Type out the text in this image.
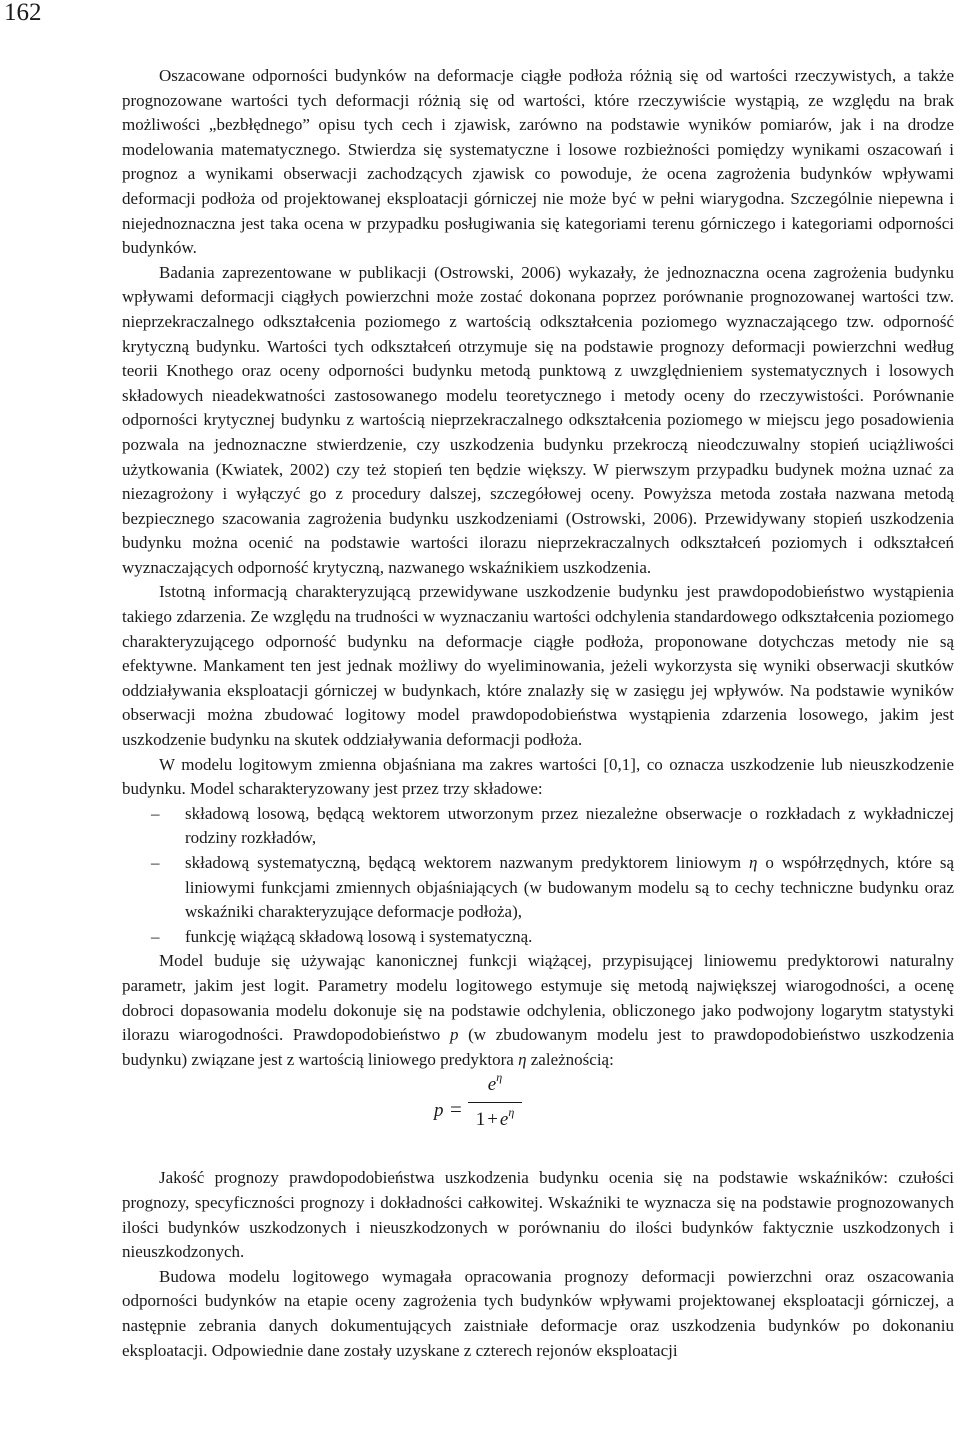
162

Oszacowane odporności budynków na deformacje ciągłe podłoża różnią się od wartości rzeczywistych, a także prognozowane wartości tych deformacji różnią się od wartości, które rzeczywiście wystąpią, ze względu na brak możliwości „bezbłędnego” opisu tych cech i zjawisk, zarówno na podstawie wyników pomiarów, jak i na drodze modelowania matematycznego. Stwierdza się systematyczne i losowe rozbieżności pomiędzy wynikami oszacowań i prognoz a wynikami obserwacji zachodzących zjawisk co powoduje, że ocena zagrożenia budynków wpływami deformacji podłoża od projektowanej eksploatacji górniczej nie może być w pełni wiarygodna. Szczególnie niepewna i niejednoznaczna jest taka ocena w przypadku posługiwania się kategoriami terenu górniczego i kategoriami odporności budynków.

Badania zaprezentowane w publikacji (Ostrowski, 2006) wykazały, że jednoznaczna ocena zagrożenia budynku wpływami deformacji ciągłych powierzchni może zostać dokonana poprzez porównanie prognozowanej wartości tzw. nieprzekraczalnego odkształcenia poziomego z wartością odkształcenia poziomego wyznaczającego tzw. odporność krytyczną budynku. Wartości tych odkształceń otrzymuje się na podstawie prognozy deformacji powierzchni według teorii Knothego oraz oceny odporności budynku metodą punktową z uwzględnieniem systematycznych i losowych składowych nieadekwatności zastosowanego modelu teoretycznego i metody oceny do rzeczywistości. Porównanie odporności krytycznej budynku z wartością nieprzekraczalnego odkształcenia poziomego w miejscu jego posadowienia pozwala na jednoznaczne stwierdzenie, czy uszkodzenia budynku przekroczą nieodczuwalny stopień uciążliwości użytkowania (Kwiatek, 2002) czy też stopień ten będzie większy. W pierwszym przypadku budynek można uznać za niezagrożony i wyłączyć go z procedury dalszej, szczegółowej oceny. Powyższa metoda została nazwana metodą bezpiecznego szacowania zagrożenia budynku uszkodzeniami (Ostrowski, 2006). Przewidywany stopień uszkodzenia budynku można ocenić na podstawie wartości ilorazu nieprzekraczalnych odkształceń poziomych i odkształceń wyznaczających odporność krytyczną, nazwanego wskaźnikiem uszkodzenia.

Istotną informacją charakteryzującą przewidywane uszkodzenie budynku jest prawdopodobieństwo wystąpienia takiego zdarzenia. Ze względu na trudności w wyznaczaniu wartości odchylenia standardowego odkształcenia poziomego charakteryzującego odporność budynku na deformacje ciągłe podłoża, proponowane dotychczas metody nie są efektywne. Mankament ten jest jednak możliwy do wyeliminowania, jeżeli wykorzysta się wyniki obserwacji skutków oddziaływania eksploatacji górniczej w budynkach, które znalazły się w zasięgu jej wpływów. Na podstawie wyników obserwacji można zbudować logitowy model prawdopodobieństwa wystąpienia zdarzenia losowego, jakim jest uszkodzenie budynku na skutek oddziaływania deformacji podłoża.

W modelu logitowym zmienna objaśniana ma zakres wartości [0,1], co oznacza uszkodzenie lub nieuszkodzenie budynku. Model scharakteryzowany jest przez trzy składowe:

– składową losową, będącą wektorem utworzonym przez niezależne obserwacje o rozkładach z wykładniczej rodziny rozkładów,
– składową systematyczną, będącą wektorem nazwanym predyktorem liniowym η o współrzędnych, które są liniowymi funkcjami zmiennych objaśniających (w budowanym modelu są to cechy techniczne budynku oraz wskaźniki charakteryzujące deformacje podłoża),
– funkcję wiążącą składową losową i systematyczną.

Model buduje się używając kanonicznej funkcji wiążącej, przypisującej liniowemu predyktorowi naturalny parametr, jakim jest logit. Parametry modelu logitowego estymuje się metodą największej wiarogodności, a ocenę dobroci dopasowania modelu dokonuje się na podstawie odchylenia, obliczonego jako podwojony logarytm statystyki ilorazu wiarogodności. Prawdopodobieństwo p (w zbudowanym modelu jest to prawdopodobieństwo uszkodzenia budynku) związane jest z wartością liniowego predyktora η zależnością:

p =
$e^\eta$
$1 + e^\eta$

Jakość prognozy prawdopodobieństwa uszkodzenia budynku ocenia się na podstawie wskaźników: czułości prognozy, specyficzności prognozy i dokładności całkowitej. Wskaźniki te wyznacza się na podstawie prognozowanych ilości budynków uszkodzonych i nieuszkodzonych w porównaniu do ilości budynków faktycznie uszkodzonych i nieuszkodzonych.

Budowa modelu logitowego wymagała opracowania prognozy deformacji powierzchni oraz oszacowania odporności budynków na etapie oceny zagrożenia tych budynków wpływami projektowanej eksploatacji górniczej, a następnie zebrania danych dokumentujących zaistniałe deformacje oraz uszkodzenia budynków po dokonaniu eksploatacji. Odpowiednie dane zostały uzyskane z czterech rejonów eksploatacji
